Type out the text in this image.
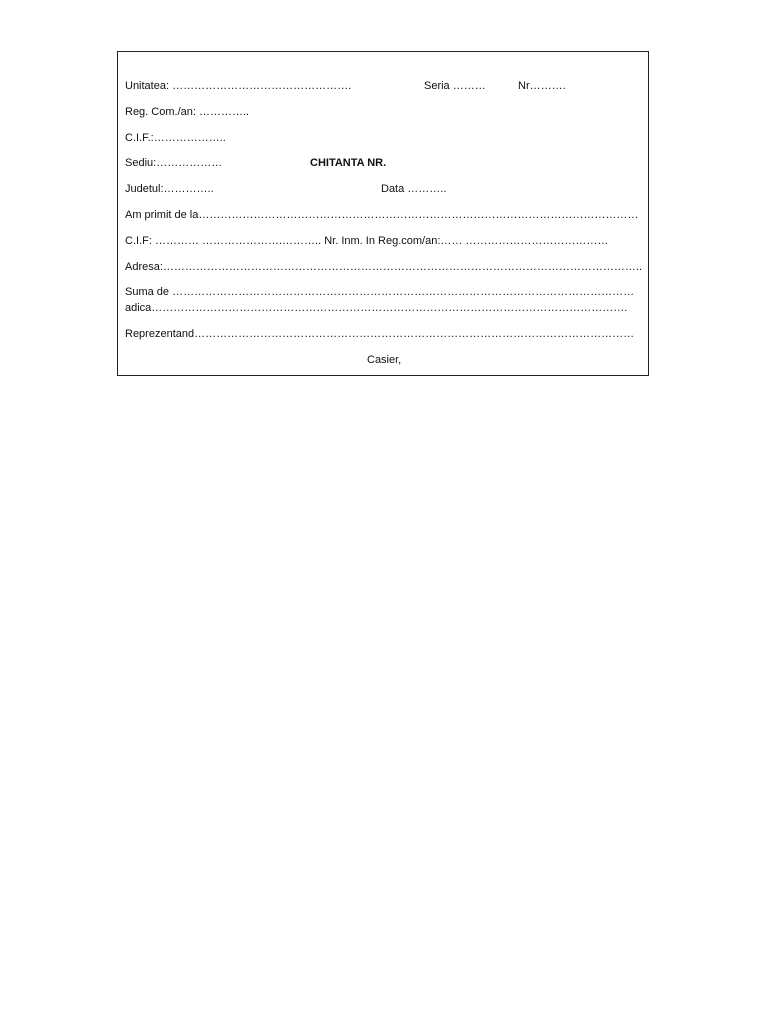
Unitatea: ………………………………………….	Seria ………	Nr……….
Reg. Com./an: …………..
C.I.F.:………………..
Sediu:………………	CHITANTA NR.
Judetul:…………..	Data ………..
Am primit de la…………………………………………………………………………………………………………
C.I.F: ………… ………………….……….. Nr. Inm. In Reg.com/an:…… …………………………………
Adresa:…………………………………………………………………………………………………………………..
Suma de ………………………………………………………………………………………………………………
adica………………………………………………………………………………………………………………….
Reprezentand…………………………………………………………………………………………………………
Casier,
